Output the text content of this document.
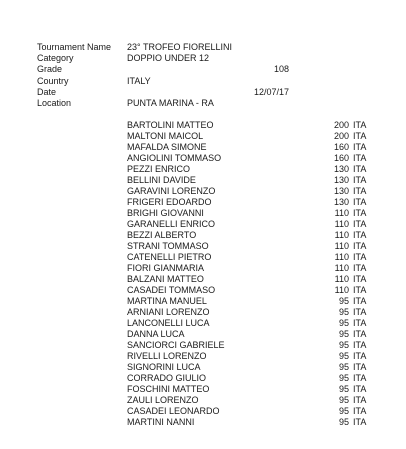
Tournament Name 23° TROFEO FIORELLINI
Category	DOPPIO UNDER 12
Grade	108
Country	ITALY
Date	12/07/17
Location	PUNTA MARINA - RA
BARTOLINI MATTEO	200 ITA
MALTONI MAICOL	200 ITA
MAFALDA SIMONE	160 ITA
ANGIOLINI TOMMASO	160 ITA
PEZZI ENRICO	130 ITA
BELLINI DAVIDE	130 ITA
GARAVINI LORENZO	130 ITA
FRIGERI EDOARDO	130 ITA
BRIGHI GIOVANNI	110 ITA
GARANELLI ENRICO	110 ITA
BEZZI ALBERTO	110 ITA
STRANI TOMMASO	110 ITA
CATENELLI PIETRO	110 ITA
FIORI GIANMARIA	110 ITA
BALZANI MATTEO	110 ITA
CASADEI TOMMASO	110 ITA
MARTINA MANUEL	95 ITA
ARNIANI LORENZO	95 ITA
LANCONELLI LUCA	95 ITA
DANNA LUCA	95 ITA
SANCIORCI GABRIELE	95 ITA
RIVELLI LORENZO	95 ITA
SIGNORINI LUCA	95 ITA
CORRADO GIULIO	95 ITA
FOSCHINI MATTEO	95 ITA
ZAULI LORENZO	95 ITA
CASADEI LEONARDO	95 ITA
MARTINI NANNI	95 ITA
